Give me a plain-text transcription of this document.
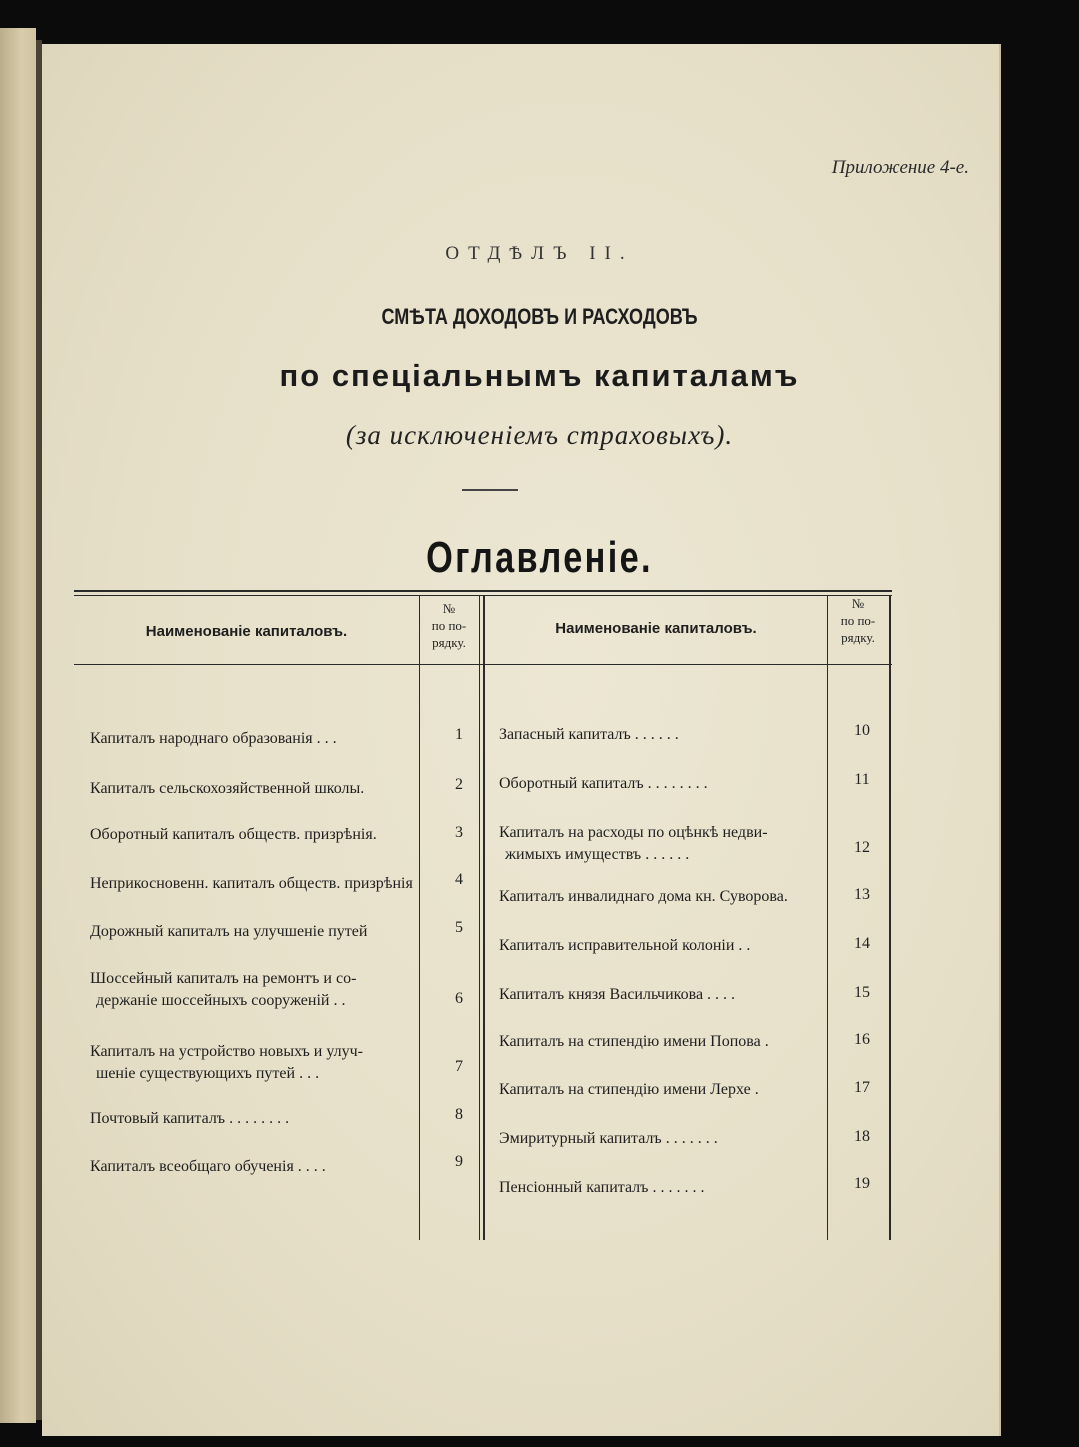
Приложение 4-е.
ОТДѢЛЪ II.
СМѢТА ДОХОДОВЪ И РАСХОДОВЪ
по спеціальнымъ капиталамъ
(за исключеніемъ страховыхъ).
Оглавленіе.
Наименованіе капиталовъ.
№
по по-
рядку.
Наименованіе капиталовъ.
№
по по-
рядку.
Капиталъ народнаго образованія . . .	1
Капиталъ сельскохозяйственной школы.	2
Оборотный капиталъ обществ. призрѣнія.	3
Неприкосновенн. капиталъ обществ. призрѣнія	4
Дорожный капиталъ на улучшеніе путей	5
Шоссейный капиталъ на ремонтъ и со-
держаніе шоссейныхъ сооруженій . .	6
Капиталъ на устройство новыхъ и улуч-
шеніе существующихъ путей . . .	7
Почтовый капиталъ . . . . . . . .	8
Капиталъ всеобщаго обученія . . . .	9
Запасный капиталъ . . . . . .	10
Оборотный капиталъ . . . . . . . .	11
Капиталъ на расходы по оцѣнкѣ недви-
жимыхъ имуществъ . . . . . .	12
Капиталъ инвалиднаго дома кн. Суворова.	13
Капиталъ исправительной колоніи . .	14
Капиталъ князя Васильчикова . . . .	15
Капиталъ на стипендію имени Попова .	16
Капиталъ на стипендію имени Лерхе .	17
Эмиритурный капиталъ . . . . . . .	18
Пенсіонный капиталъ . . . . . . .	19
